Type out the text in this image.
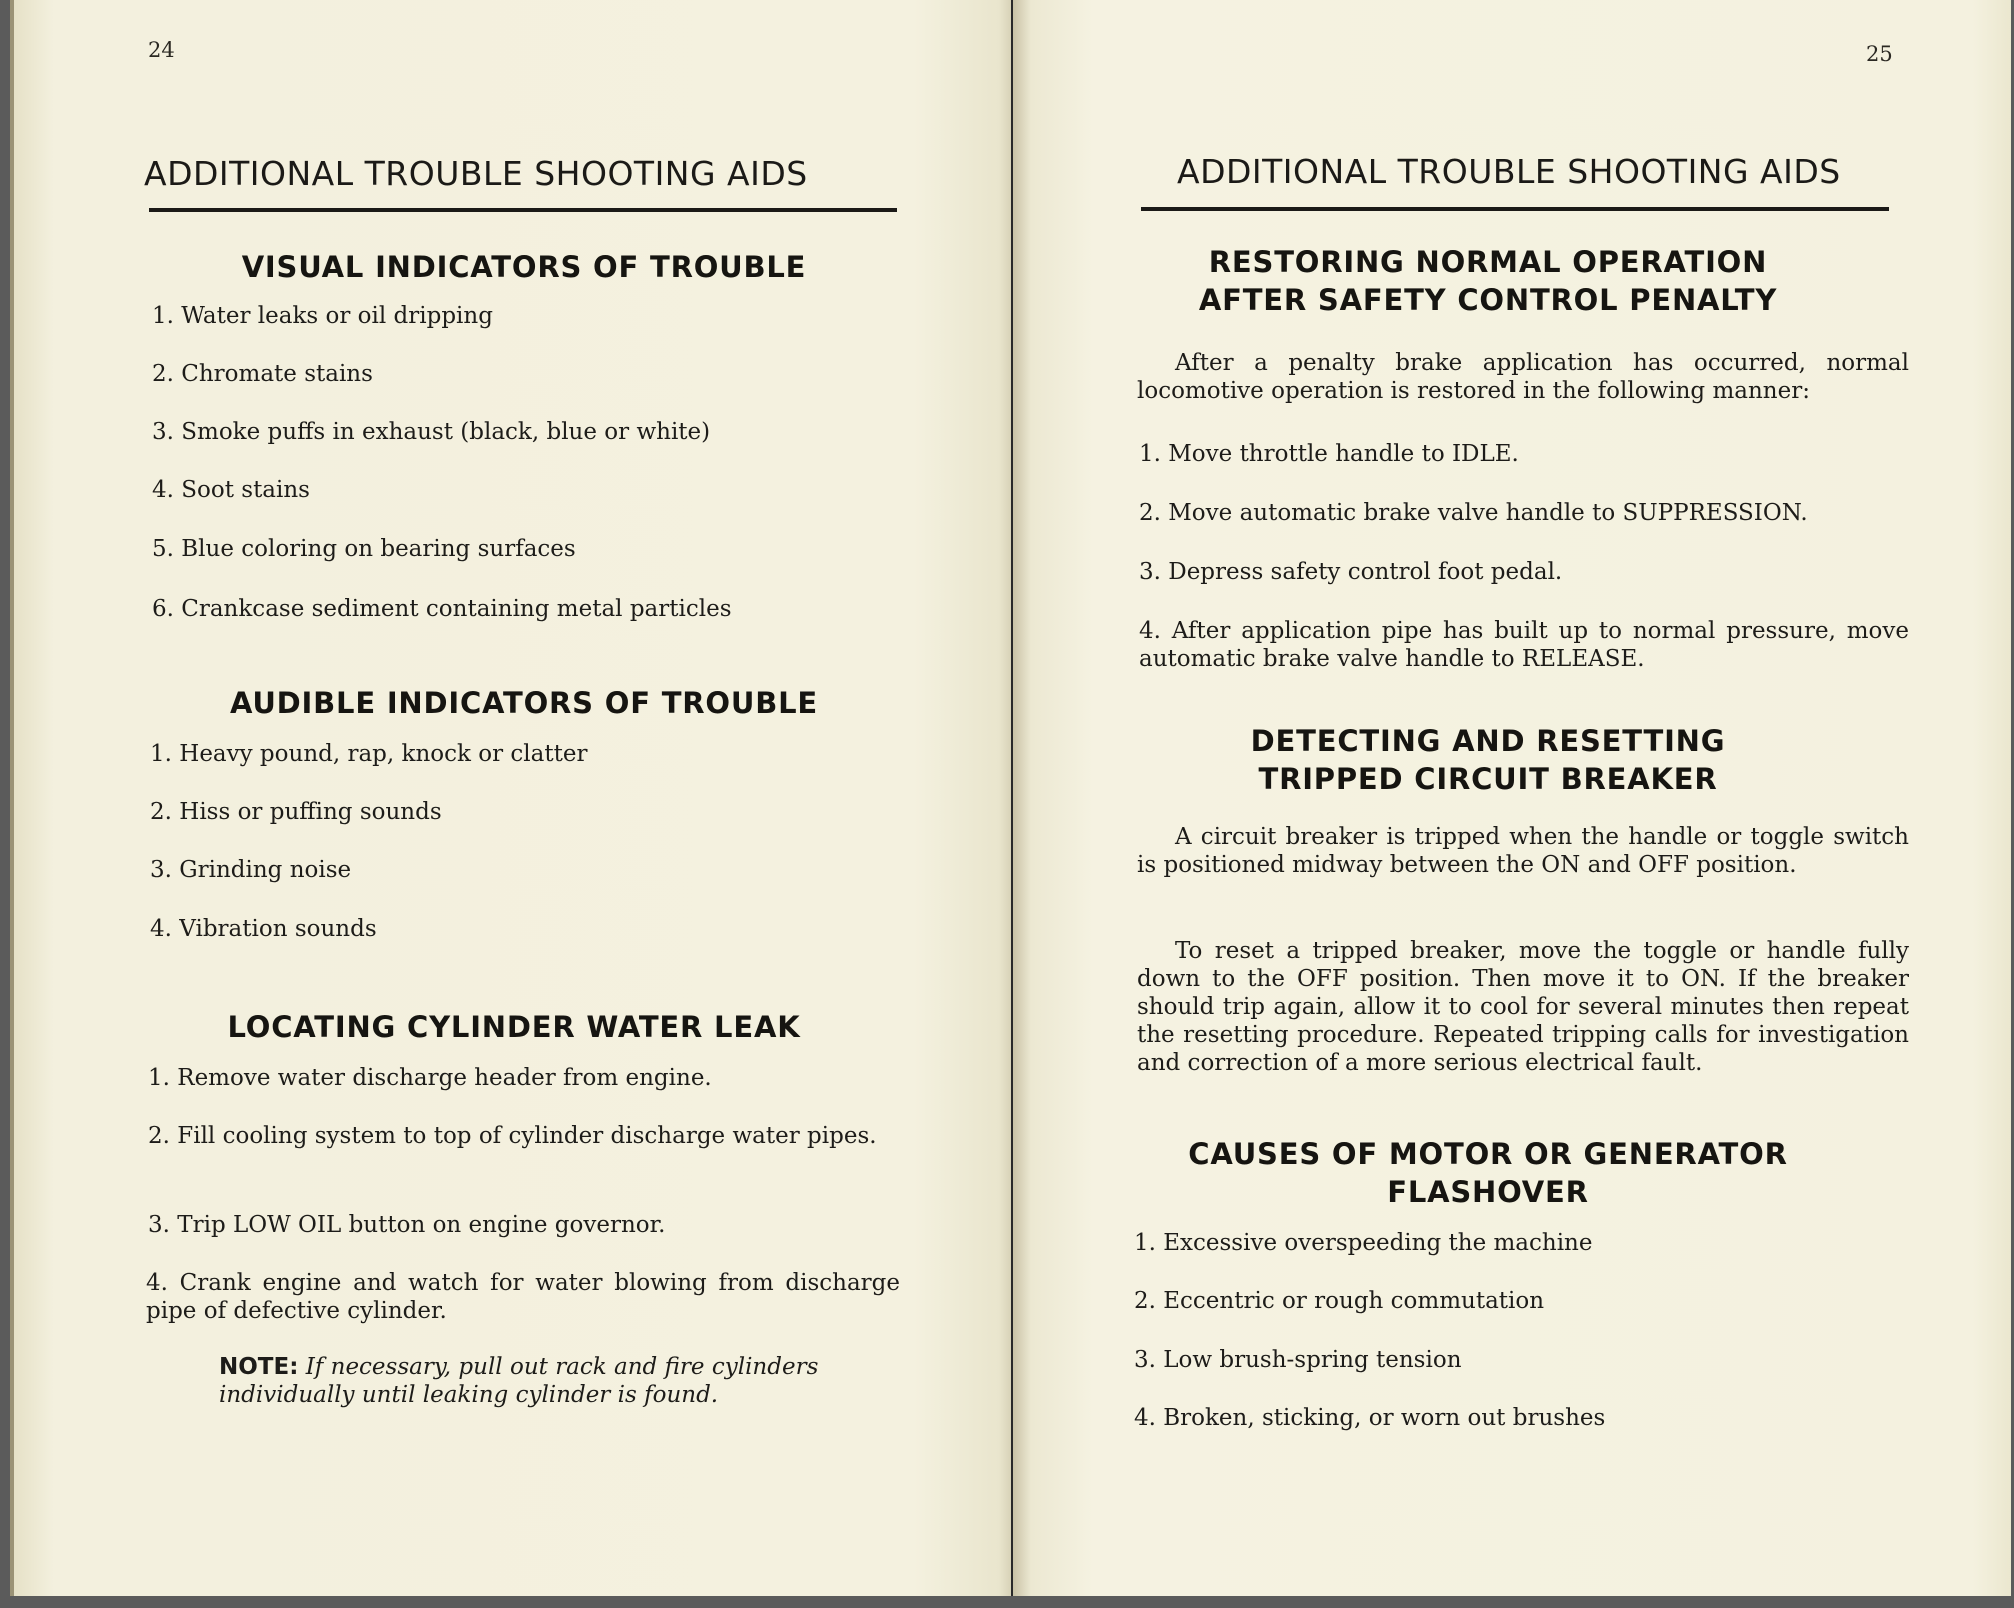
24
ADDITIONAL TROUBLE SHOOTING AIDS
VISUAL INDICATORS OF TROUBLE
1. Water leaks or oil dripping
2. Chromate stains
3. Smoke puffs in exhaust (black, blue or white)
4. Soot stains
5. Blue coloring on bearing surfaces
6. Crankcase sediment containing metal particles
AUDIBLE INDICATORS OF TROUBLE
1. Heavy pound, rap, knock or clatter
2. Hiss or puffing sounds
3. Grinding noise
4. Vibration sounds
LOCATING CYLINDER WATER LEAK
1. Remove water discharge header from engine.
2. Fill cooling system to top of cylinder discharge water pipes.
3. Trip LOW OIL button on engine governor.
4. Crank engine and watch for water blowing from discharge pipe of defective cylinder.
NOTE: If necessary, pull out rack and fire cylinders individually until leaking cylinder is found.
25
ADDITIONAL TROUBLE SHOOTING AIDS
RESTORING NORMAL OPERATION AFTER SAFETY CONTROL PENALTY
After a penalty brake application has occurred, normal locomotive operation is restored in the following manner:
1. Move throttle handle to IDLE.
2. Move automatic brake valve handle to SUPPRESSION.
3. Depress safety control foot pedal.
4. After application pipe has built up to normal pressure, move automatic brake valve handle to RELEASE.
DETECTING AND RESETTING TRIPPED CIRCUIT BREAKER
A circuit breaker is tripped when the handle or toggle switch is positioned midway between the ON and OFF position.
To reset a tripped breaker, move the toggle or handle fully down to the OFF position. Then move it to ON. If the breaker should trip again, allow it to cool for several minutes then repeat the resetting procedure. Repeated tripping calls for investigation and correction of a more serious electrical fault.
CAUSES OF MOTOR OR GENERATOR FLASHOVER
1. Excessive overspeeding the machine
2. Eccentric or rough commutation
3. Low brush-spring tension
4. Broken, sticking, or worn out brushes
